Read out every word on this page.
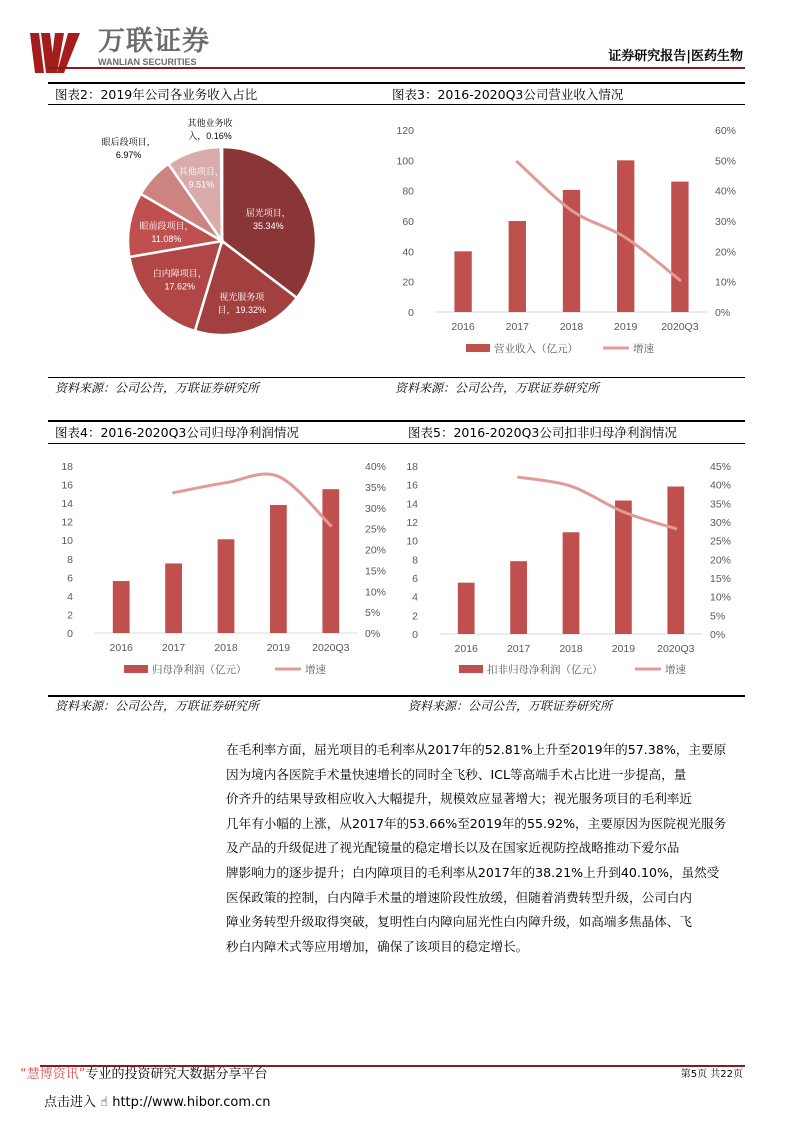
万联证券
WANLIAN SECURITIES	证券研究报告|医药生物
图表2：2019年公司各业务收入占比	图表3：2016-2020Q3公司营业收入情况
屈光项目，
35.34%
视光服务项
目，19.32%
白内障项目，
17.62%
眼前段项目，
11.08%
眼后段项目，
6.97%
其他项目，
9.51%
其他业务收
入，0.16%
0
20
40
60
80
100
120
0%
10%
20%
30%
40%
50%
60%
2016	2017	2018	2019 2020Q3
营业收入（亿元）	增速
资料来源：公司公告，万联证券研究所	资料来源：公司公告，万联证券研究所
图表4：2016-2020Q3公司归母净利润情况	图表5：2016-2020Q3公司扣非归母净利润情况
0
2
4
6
8
10
12
14
16
18
0%
5%
10%
15%
20%
25%
30%
35%
40%
2016	2017	2018	2019 2020Q3
归母净利润（亿元）	增速
0
2
4
6
8
10
12
14
16
18
0%
5%
10%
15%
20%
25%
30%
35%
40%
45%
2016	2017	2018	2019 2020Q3
扣非归母净利润（亿元）	增速
资料来源：公司公告，万联证券研究所	资料来源：公司公告，万联证券研究所
在毛利率方面，屈光项目的毛利率从2017年的52.81%上升至2019年的57.38%，主要原
因为境内各医院手术量快速增长的同时全飞秒、ICL等高端手术占比进一步提高，量
价齐升的结果导致相应收入大幅提升，规模效应显著增大；视光服务项目的毛利率近
几年有小幅的上涨，从2017年的53.66%至2019年的55.92%，主要原因为医院视光服务
及产品的升级促进了视光配镜量的稳定增长以及在国家近视防控战略推动下爱尔品
牌影响力的逐步提升；白内障项目的毛利率从2017年的38.21%上升到40.10%，虽然受
医保政策的控制，白内障手术量的增速阶段性放缓，但随着消费转型升级，公司白内
障业务转型升级取得突破，复明性白内障向屈光性白内障升级，如高端多焦晶体、飞
秒白内障术式等应用增加，确保了该项目的稳定增长。
“慧博资讯”专业的投资研究大数据分享平台	第5页 共22页
点击进入 ☝ http://www.hibor.com.cn
